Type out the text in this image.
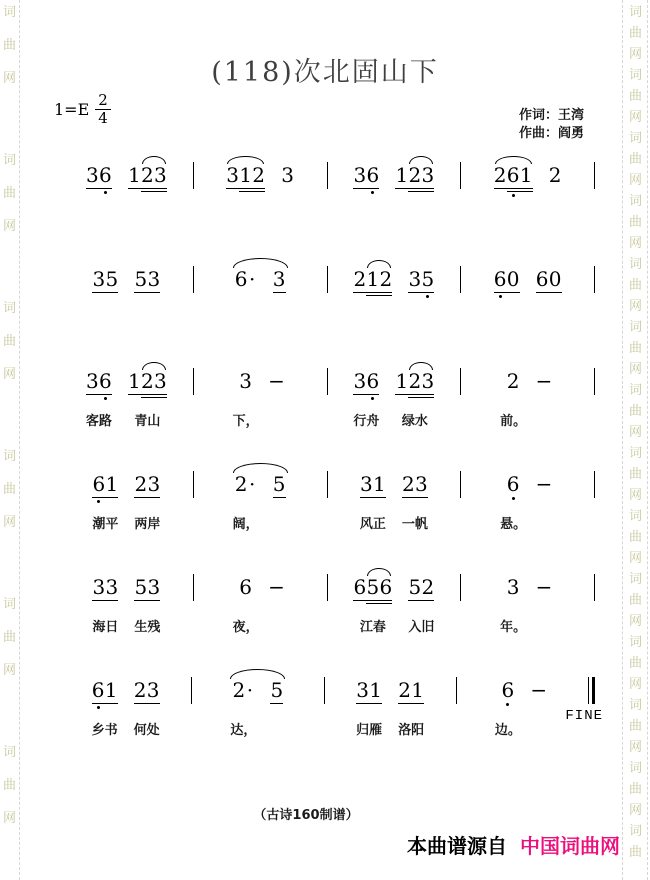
词
曲
网
词
曲
网
词
曲
网
词
曲
网
词
曲
网
词
曲
网
词
曲
网
词
曲
网
词
曲
网
词
曲
网
词
曲
网
词
曲
网
词
曲
网
词
曲
网
词
曲
网
词
曲
网
词
曲
网
词
曲
网
词
曲
网
词
曲
(118)次北固山下
$1=E \frac{2}{4}$	作词：王湾
作曲：阎勇
36 123	312 3	36 123	261 2
35 53	6· 3	212 35	60 60
36
客路
123
青山
3
下，
−	36
行舟
123
绿水
2
前。
−
61
潮平
23
两岸
2·
阔，
5	31
风正
23
一帆
6
悬。
−
33
海日
53
生残
6
夜，
−	656
江春
52
入旧
3
年。
−
61
乡书
23
何处
2·
达，
5	31
归雁
21
洛阳
6
边。
−
FINE
（古诗160制谱）
本曲谱源自 中国词曲网
